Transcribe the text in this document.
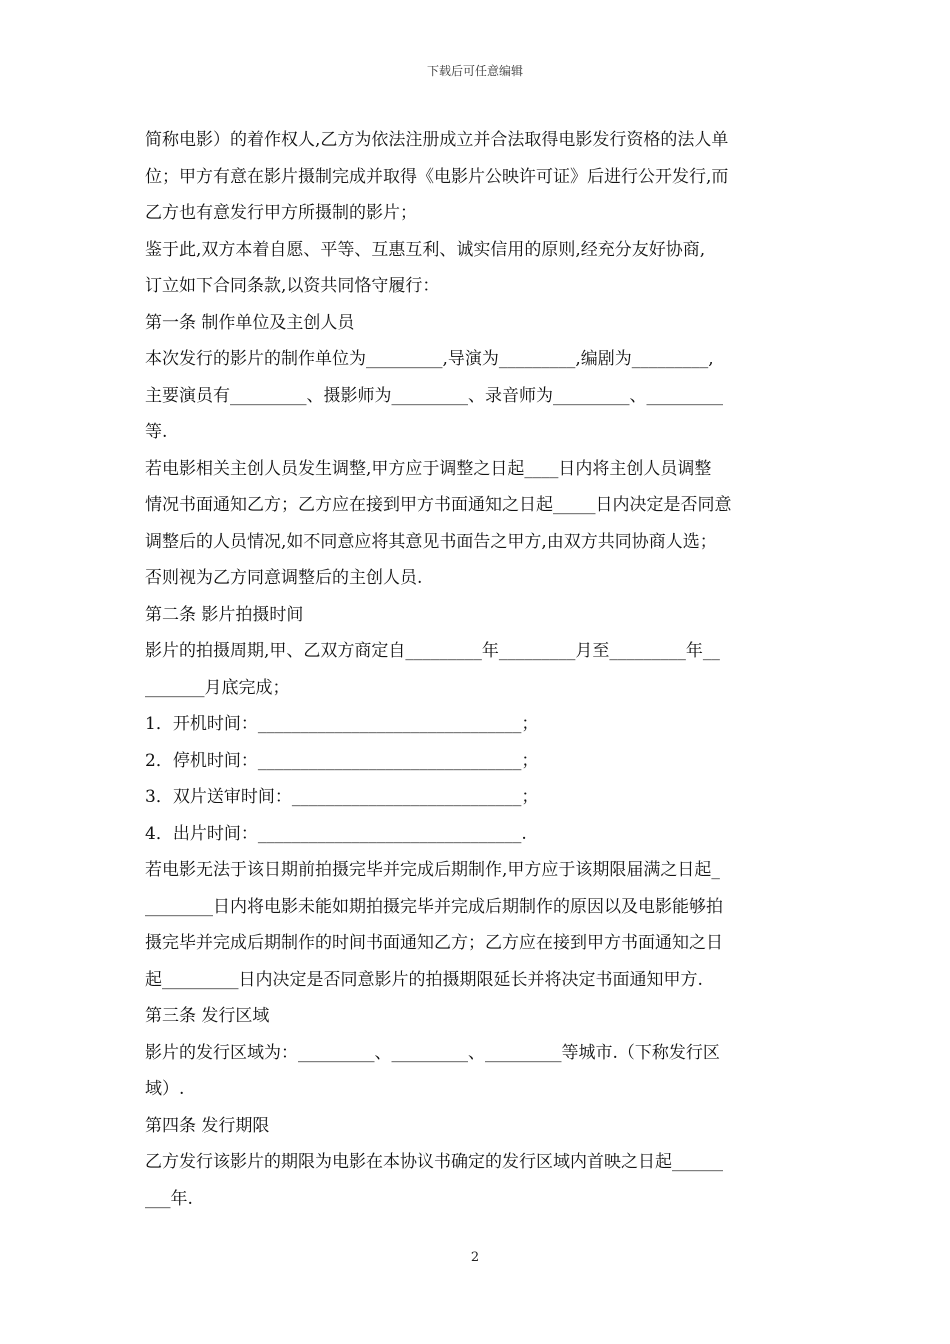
下载后可任意编辑
简称电影）的着作权人,乙方为依法注册成立并合法取得电影发行资格的法人单
位；甲方有意在影片摄制完成并取得《电影片公映许可证》后进行公开发行,而
乙方也有意发行甲方所摄制的影片；
鉴于此,双方本着自愿、平等、互惠互利、诚实信用的原则,经充分友好协商,
订立如下合同条款,以资共同恪守履行：
第一条 制作单位及主创人员
本次发行的影片的制作单位为_________,导演为_________,编剧为_________,
主要演员有_________、摄影师为_________、录音师为_________、_________
等.
若电影相关主创人员发生调整,甲方应于调整之日起____日内将主创人员调整
情况书面通知乙方；乙方应在接到甲方书面通知之日起_____日内决定是否同意
调整后的人员情况,如不同意应将其意见书面告之甲方,由双方共同协商人选；
否则视为乙方同意调整后的主创人员.
第二条 影片拍摄时间
影片的拍摄周期,甲、乙双方商定自_________年_________月至_________年__
_______月底完成；
1．开机时间：_______________________________；
2．停机时间：_______________________________；
3．双片送审时间：___________________________；
4．出片时间：_______________________________.
若电影无法于该日期前拍摄完毕并完成后期制作,甲方应于该期限届满之日起_
________日内将电影未能如期拍摄完毕并完成后期制作的原因以及电影能够拍
摄完毕并完成后期制作的时间书面通知乙方；乙方应在接到甲方书面通知之日
起_________日内决定是否同意影片的拍摄期限延长并将决定书面通知甲方.
第三条 发行区域
影片的发行区域为：_________、_________、_________等城市.（下称发行区
域）.
第四条 发行期限
乙方发行该影片的期限为电影在本协议书确定的发行区域内首映之日起______
___年.
2
